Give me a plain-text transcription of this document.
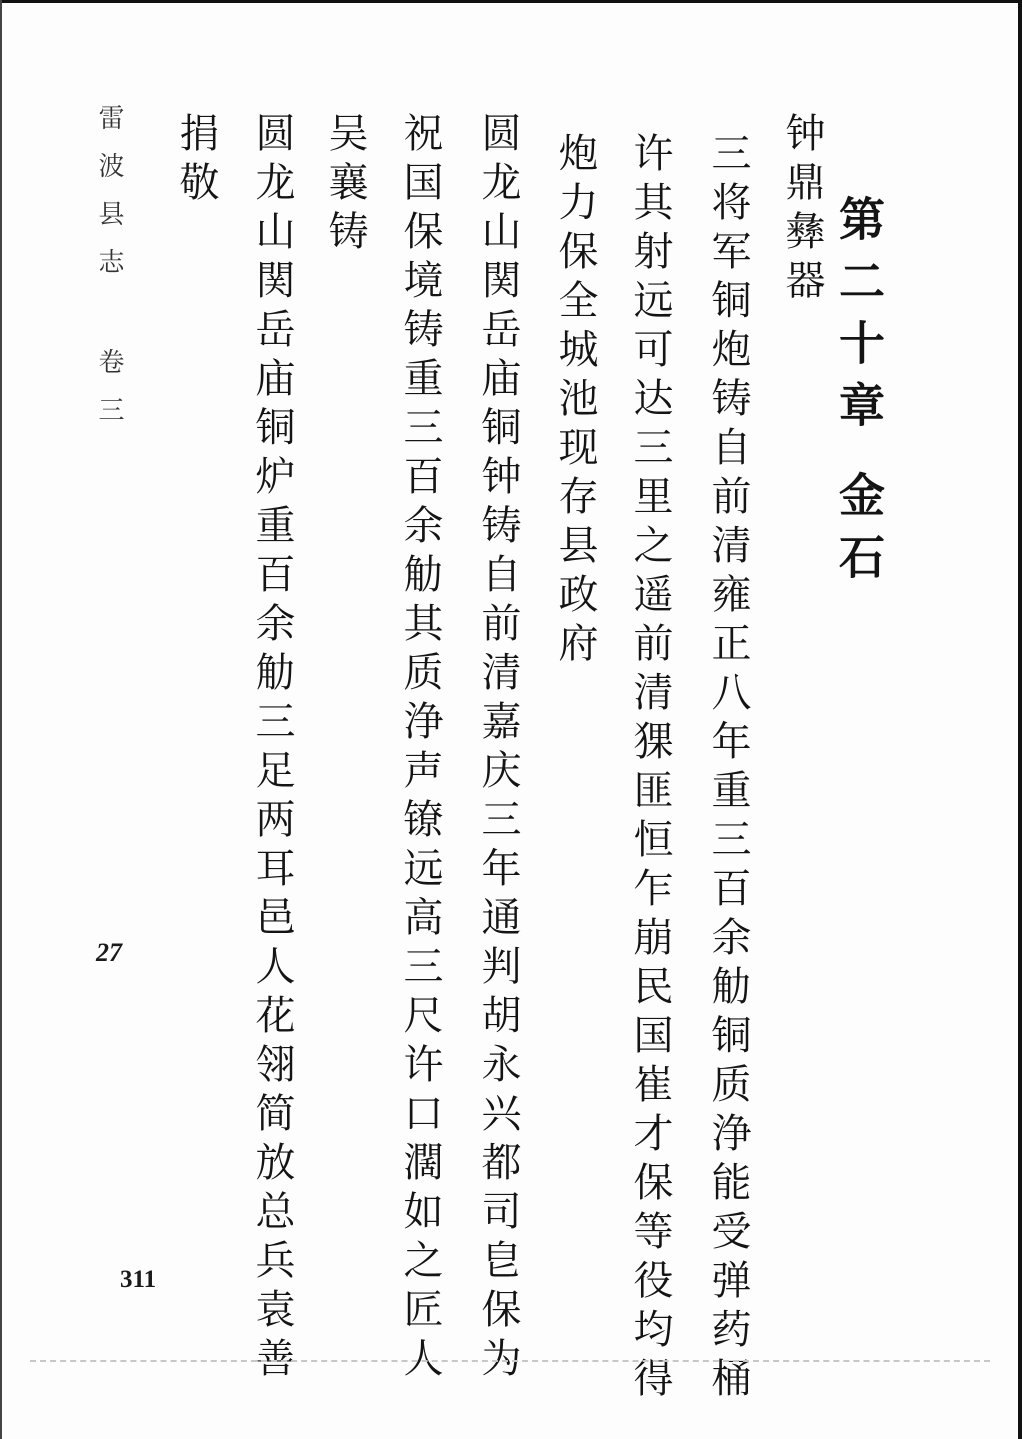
第二十章金石
钟鼎彝器
三将军铜炮铸自前清雍正八年重三百余觔铜质浄能受弹药桶
许其射远可达三里之遥前清猓匪恒乍崩民国崔才保等役均得
炮力保全城池现存县政府
圆龙山関岳庙铜钟铸自前清嘉庆三年通判胡永兴都司皀保为
祝国保境铸重三百余觔其质浄声镣远高三尺许口濶如之匠人
吴襄铸
圆龙山関岳庙铜炉重百余觔三足两耳邑人花翎简放总兵袁善
捐敬
雷波县志 卷三
27
311
